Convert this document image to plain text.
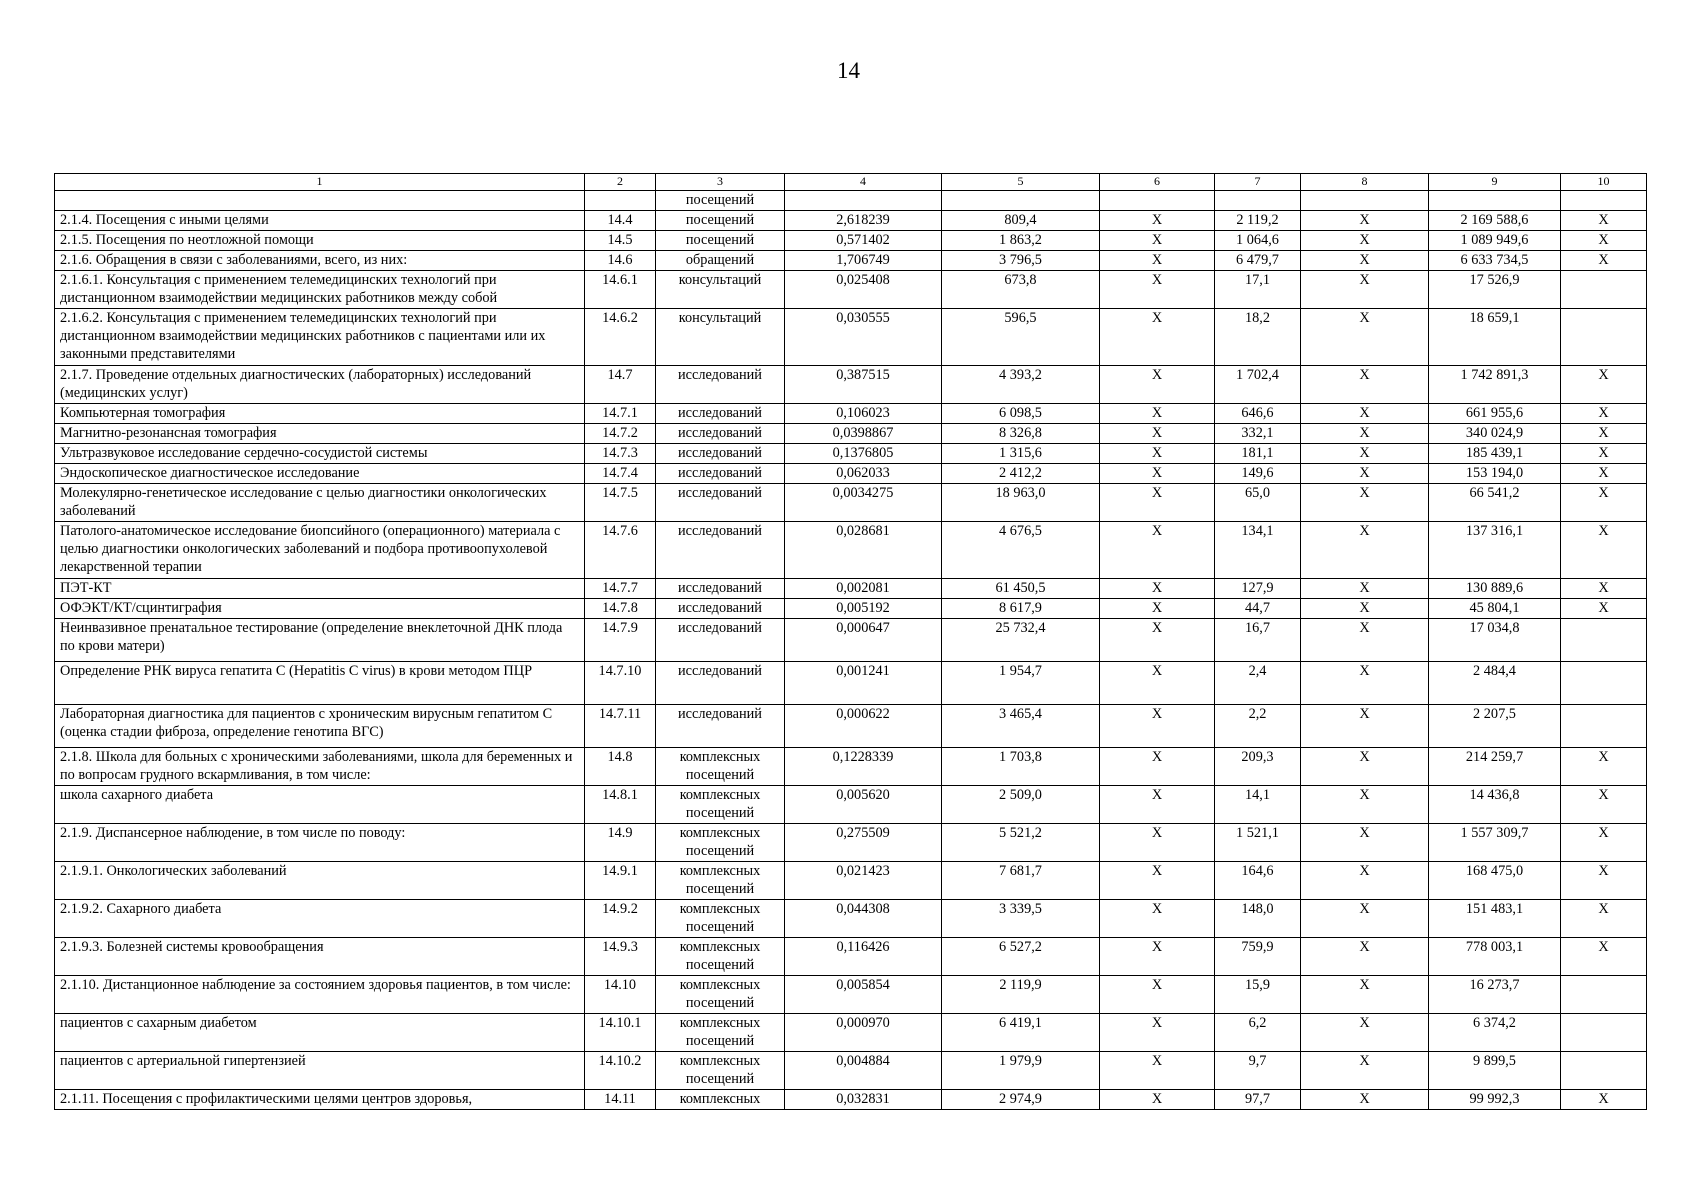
14
1	2	3	4	5	6	7	8	9	10
		посещений							
2.1.4. Посещения с иными целями	14.4	посещений	2,618239	809,4	Х	2 119,2	Х	2 169 588,6	Х
2.1.5. Посещения по неотложной помощи	14.5	посещений	0,571402	1 863,2	Х	1 064,6	Х	1 089 949,6	Х
2.1.6. Обращения в связи с заболеваниями, всего, из них:	14.6	обращений	1,706749	3 796,5	Х	6 479,7	Х	6 633 734,5	Х
2.1.6.1. Консультация с применением телемедицинских технологий при дистанционном взаимодействии медицинских работников между собой	14.6.1	консультаций	0,025408	673,8	Х	17,1	Х	17 526,9	
2.1.6.2. Консультация с применением телемедицинских технологий при дистанционном взаимодействии медицинских работников с пациентами или их законными представителями	14.6.2	консультаций	0,030555	596,5	Х	18,2	Х	18 659,1	
2.1.7. Проведение отдельных диагностических (лабораторных) исследований (медицинских услуг)	14.7	исследований	0,387515	4 393,2	Х	1 702,4	Х	1 742 891,3	Х
Компьютерная томография	14.7.1	исследований	0,106023	6 098,5	Х	646,6	Х	661 955,6	Х
Магнитно-резонансная томография	14.7.2	исследований	0,0398867	8 326,8	Х	332,1	Х	340 024,9	Х
Ультразвуковое исследование сердечно-сосудистой системы	14.7.3	исследований	0,1376805	1 315,6	Х	181,1	Х	185 439,1	Х
Эндоскопическое диагностическое исследование	14.7.4	исследований	0,062033	2 412,2	Х	149,6	Х	153 194,0	Х
Молекулярно-генетическое исследование с целью диагностики онкологических заболеваний	14.7.5	исследований	0,0034275	18 963,0	Х	65,0	Х	66 541,2	Х
Патолого-анатомическое исследование биопсийного (операционного) материала с целью диагностики онкологических заболеваний и подбора противоопухолевой лекарственной терапии	14.7.6	исследований	0,028681	4 676,5	Х	134,1	Х	137 316,1	Х
ПЭТ-КТ	14.7.7	исследований	0,002081	61 450,5	Х	127,9	Х	130 889,6	Х
ОФЭКТ/КТ/сцинтиграфия	14.7.8	исследований	0,005192	8 617,9	Х	44,7	Х	45 804,1	Х
Неинвазивное пренатальное тестирование (определение внеклеточной ДНК плода по крови матери)	14.7.9	исследований	0,000647	25 732,4	Х	16,7	Х	17 034,8	
Определение РНК вируса гепатита С (Hepatitis C virus) в крови методом ПЦР	14.7.10	исследований	0,001241	1 954,7	Х	2,4	Х	2 484,4	
Лабораторная диагностика для пациентов с хроническим вирусным гепатитом С (оценка стадии фиброза, определение генотипа ВГС)	14.7.11	исследований	0,000622	3 465,4	Х	2,2	Х	2 207,5	
2.1.8. Школа для больных с хроническими заболеваниями, школа для беременных и по вопросам грудного вскармливания, в том числе:	14.8	комплексных посещений	0,1228339	1 703,8	Х	209,3	Х	214 259,7	Х
школа сахарного диабета	14.8.1	комплексных посещений	0,005620	2 509,0	Х	14,1	Х	14 436,8	Х
2.1.9. Диспансерное наблюдение, в том числе по поводу:	14.9	комплексных посещений	0,275509	5 521,2	Х	1 521,1	Х	1 557 309,7	Х
2.1.9.1. Онкологических заболеваний	14.9.1	комплексных посещений	0,021423	7 681,7	Х	164,6	Х	168 475,0	Х
2.1.9.2. Сахарного диабета	14.9.2	комплексных посещений	0,044308	3 339,5	Х	148,0	Х	151 483,1	Х
2.1.9.3. Болезней системы кровообращения	14.9.3	комплексных посещений	0,116426	6 527,2	Х	759,9	Х	778 003,1	Х
2.1.10. Дистанционное наблюдение за состоянием здоровья пациентов, в том числе:	14.10	комплексных посещений	0,005854	2 119,9	Х	15,9	Х	16 273,7	
пациентов с сахарным диабетом	14.10.1	комплексных посещений	0,000970	6 419,1	Х	6,2	Х	6 374,2	
пациентов с артериальной гипертензией	14.10.2	комплексных посещений	0,004884	1 979,9	Х	9,7	Х	9 899,5	
2.1.11. Посещения с профилактическими целями центров здоровья,	14.11	комплексных	0,032831	2 974,9	Х	97,7	Х	99 992,3	Х
